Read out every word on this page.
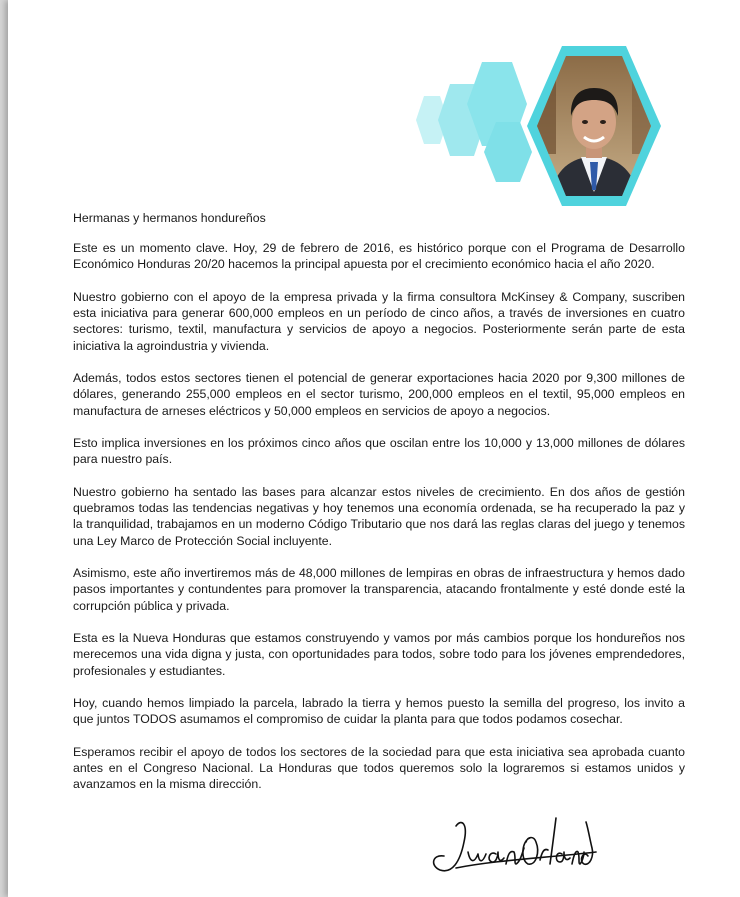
Hermanas y hermanos hondureños

Este es un momento clave. Hoy, 29 de febrero de 2016, es histórico porque con el Programa de Desarrollo Económico Honduras 20/20 hacemos la principal apuesta por el crecimiento económico hacia el año 2020.

Nuestro gobierno con el apoyo de la empresa privada y la firma consultora McKinsey & Company, suscriben esta iniciativa para generar 600,000 empleos en un período de cinco años, a través de inversiones en cuatro sectores: turismo, textil, manufactura y servicios de apoyo a negocios. Posteriormente serán parte de esta iniciativa la agroindustria y vivienda.

Además, todos estos sectores tienen el potencial de generar exportaciones hacia 2020 por 9,300 millones de dólares, generando 255,000 empleos en el sector turismo, 200,000 empleos en el textil, 95,000 empleos en manufactura de arneses eléctricos y 50,000 empleos en servicios de apoyo a negocios.

Esto implica inversiones en los próximos cinco años que oscilan entre los 10,000 y 13,000 millones de dólares para nuestro país.

Nuestro gobierno ha sentado las bases para alcanzar estos niveles de crecimiento. En dos años de gestión quebramos todas las tendencias negativas y hoy tenemos una economía ordenada, se ha recuperado la paz y la tranquilidad, trabajamos en un moderno Código Tributario que nos dará las reglas claras del juego y tenemos una Ley Marco de Protección Social incluyente.

Asimismo, este año invertiremos más de 48,000 millones de lempiras en obras de infraestructura y hemos dado pasos importantes y contundentes para promover la transparencia, atacando frontalmente y esté donde esté la corrupción pública y privada.

Esta es la Nueva Honduras que estamos construyendo y vamos por más cambios porque los hondureños nos merecemos una vida digna y justa, con oportunidades para todos, sobre todo para los jóvenes emprendedores, profesionales y estudiantes.

Hoy, cuando hemos limpiado la parcela, labrado la tierra y hemos puesto la semilla del progreso, los invito a que juntos TODOS asumamos el compromiso de cuidar la planta para que todos podamos cosechar.

Esperamos recibir el apoyo de todos los sectores de la sociedad para que esta iniciativa sea aprobada cuanto antes en el Congreso Nacional. La Honduras que todos queremos solo la lograremos si estamos unidos y avanzamos en la misma dirección.
